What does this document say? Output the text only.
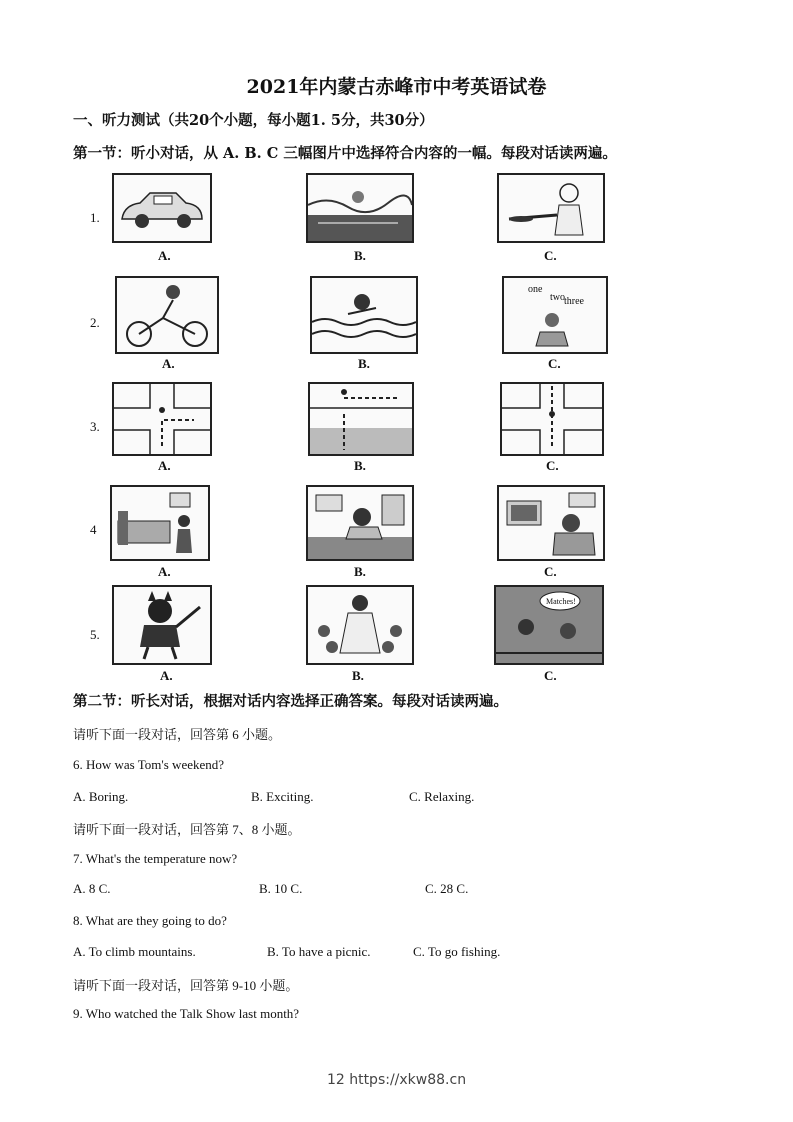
2021年内蒙古赤峰市中考英语试卷
一、听力测试（共20个小题，每小题1. 5分，共30分）
第一节：听小对话，从 A. B. C 三幅图片中选择符合内容的一幅。每段对话读两遍。
1.
A.	B.	C.
2.
one
two three
A.	B.	C.
3.
A.	B.	C.
4
A.	B.	C.
5.
Matches!
A.	B.	C.
第二节：听长对话，根据对话内容选择正确答案。每段对话读两遍。
请听下面一段对话，回答第 6 小题。
6. How was Tom's weekend?
A. Boring.	B. Exciting.	C. Relaxing.
请听下面一段对话，回答第 7、8 小题。
7. What's the temperature now?
A. 8 C.	B. 10 C.	C. 28 C.
8. What are they going to do?
A. To climb mountains.	B. To have a picnic.	C. To go fishing.
请听下面一段对话，回答第 9-10 小题。
9. Who watched the Talk Show last month?
12 https://xkw88.cn
